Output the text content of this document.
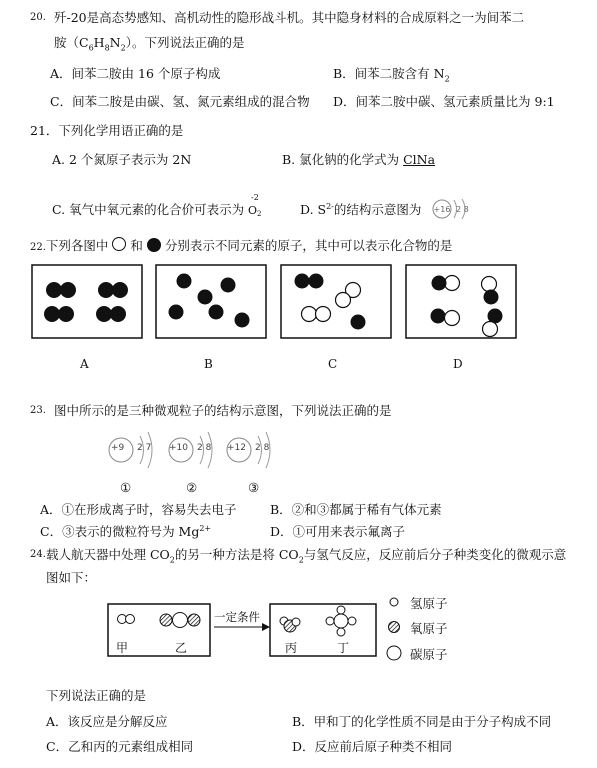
20. 歼-20是高态势感知、高机动性的隐形战斗机。其中隐身材料的合成原料之一为间苯二
胺$(C_6H_8N_2)$。下列说法正确的是
A．间苯二胺由 16 个原子构成	B．间苯二胺含有 $N_2$
C．间苯二胺是由碳、氢、氮元素组成的混合物 D．间苯二胺中碳、氢元素质量比为 9:1
21．下列化学用语正确的是
A. 2 个氮原子表示为 2N	B. 氯化钠的化学式为 ClNa
C. 氧气中氧元素的化合价可表示为
-2
O 2	D. $S^{2-}$的结构示意图为 +16 2 8
22.下列各图中 和 分别表示不同元素的原子，其中可以表示化合物的是
A	B	C	D
23. 图中所示的是三种微观粒子的结构示意图，下列说法正确的是
+9 2 7
①
+10 2 8
②
+12 2 8
③
A．①在形成离子时，容易失去电子	B．②和③都属于稀有气体元素
C．③表示的微粒符号为 $Mg^{2+}$	D．①可用来表示氟离子
24. 载人航天器中处理 $CO_2$的另一种方法是将 $CO_2$与氢气反应，反应前后分子种类变化的微观示意
图如下：
甲	乙	丙	丁
一定条件
氢原子
氧原子
碳原子
下列说法正确的是
A．该反应是分解反应	B．甲和丁的化学性质不同是由于分子构成不同
C．乙和丙的元素组成相同	D．反应前后原子种类不相同
